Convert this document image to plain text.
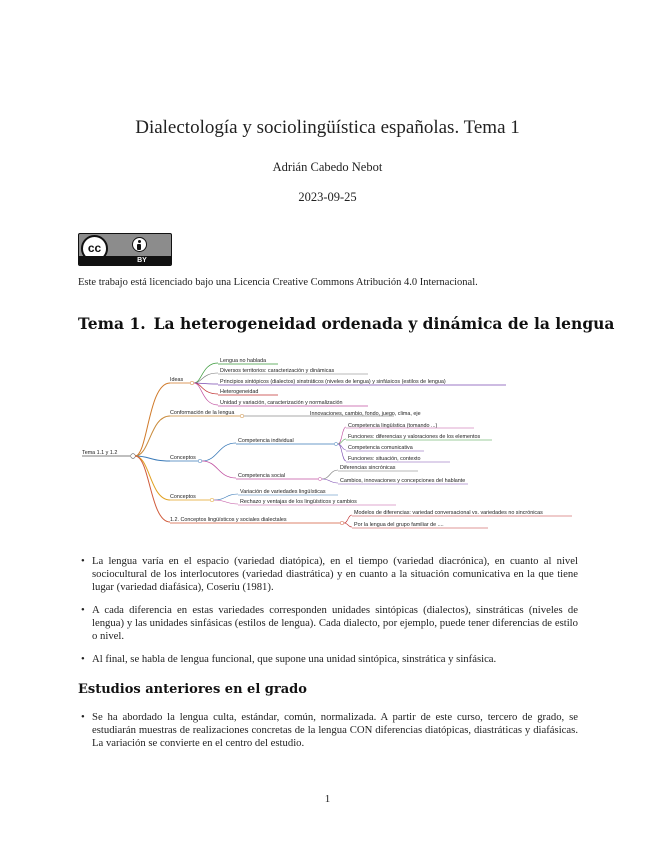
Dialectología y sociolingüística españolas. Tema 1
Adrián Cabedo Nebot
2023-09-25
cc
BY
Este trabajo está licenciado bajo una Licencia Creative Commons Atribución 4.0 Internacional.
Tema 1. La heterogeneidad ordenada y dinámica de la lengua
Tema 1.1 y 1.2
Ideas
Lengua no hablada
Diversos territorios: caracterización y dinámicas
Principios sintópicos (dialectos) sinstráticos (niveles de lengua) y sinfásicos (estilos de lengua)
Heterogeneidad
Unidad y variación, caracterización y normalización
Conformación de la lengua	Innovaciones, cambio, fondo, juego, clima, eje
Conceptos
Competencia individual
Competencia lingüística (tomando ...)
Funciones: diferencias y valoraciones de los elementos
Competencia comunicativa
Funciones: situación, contexto
Competencia social
Diferencias sincrónicas
Cambios, innovaciones y concepciones del hablante
Conceptos
Variación de variedades lingüísticas
Rechazo y ventajas de los lingüísticos y cambios
1.2. Conceptos lingüísticos y sociales dialectales
Modelos de diferencias: variedad conversacional vs. variedades no sincrónicas
Por la lengua del grupo familiar de ....
• La lengua varía en el espacio (variedad diatópica), en el tiempo (variedad diacrónica), en cuanto al nivel sociocultural de los interlocutores (variedad diastrática) y en cuanto a la situación comunicativa en la que tiene lugar (variedad diafásica), Coseriu (1981).
• A cada diferencia en estas variedades corresponden unidades sintópicas (dialectos), sinstráticas (niveles de lengua) y las unidades sinfásicas (estilos de lengua). Cada dialecto, por ejemplo, puede tener diferencias de estilo o nivel.
• Al final, se habla de lengua funcional, que supone una unidad sintópica, sinstrática y sinfásica.
Estudios anteriores en el grado
• Se ha abordado la lengua culta, estándar, común, normalizada. A partir de este curso, tercero de grado, se estudiarán muestras de realizaciones concretas de la lengua CON diferencias diatópicas, diastráticas y diafásicas. La variación se convierte en el centro del estudio.
1
